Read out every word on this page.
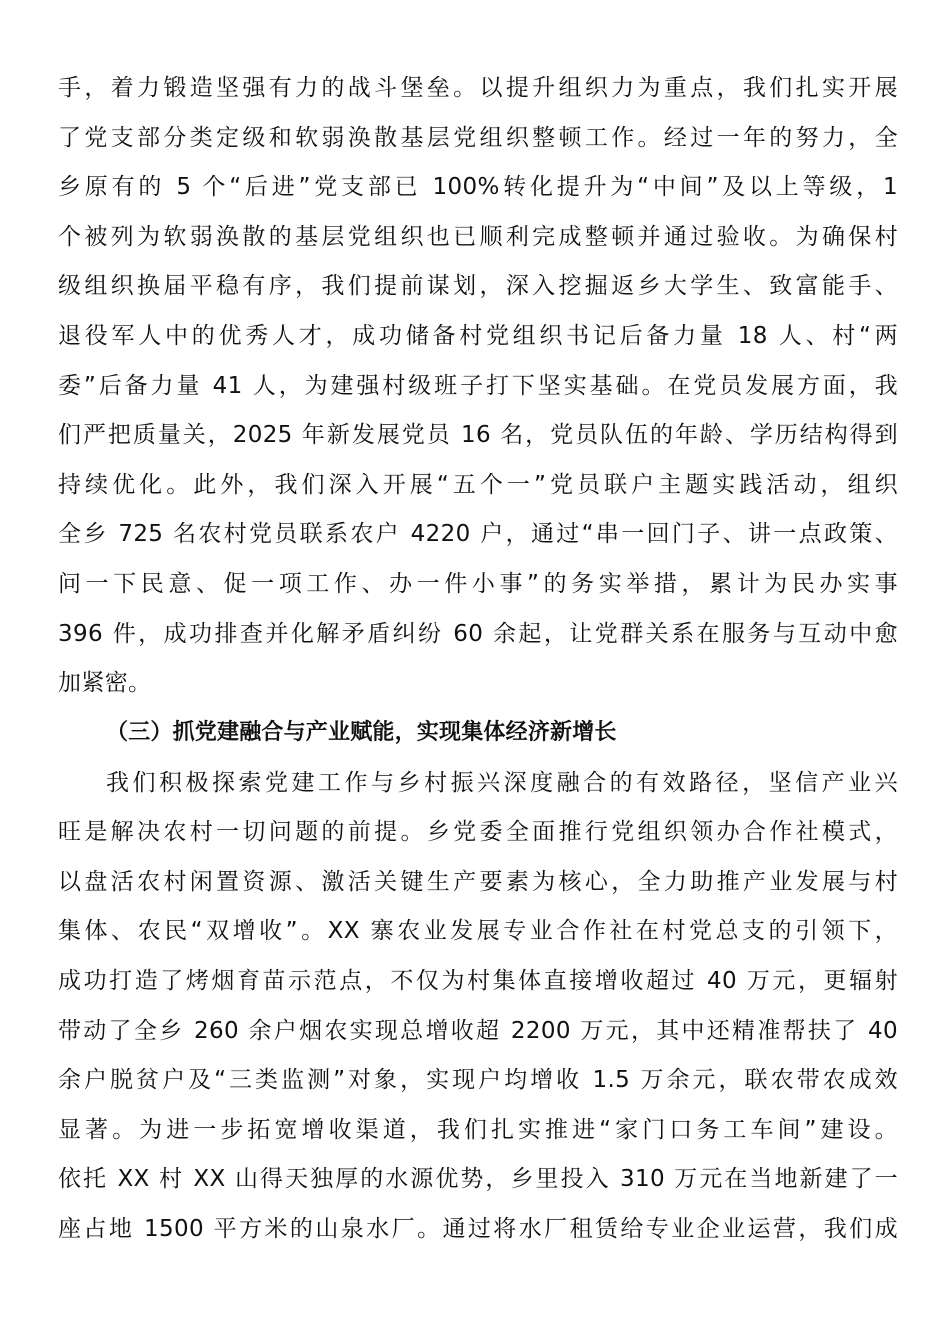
手，着力锻造坚强有力的战斗堡垒。以提升组织力为重点，我们扎实开展
了党支部分类定级和软弱涣散基层党组织整顿工作。经过一年的努力，全
乡原有的 5 个“后进”党支部已 100%转化提升为“中间”及以上等级，1
个被列为软弱涣散的基层党组织也已顺利完成整顿并通过验收。为确保村
级组织换届平稳有序，我们提前谋划，深入挖掘返乡大学生、致富能手、
退役军人中的优秀人才，成功储备村党组织书记后备力量 18 人、村“两
委”后备力量 41 人，为建强村级班子打下坚实基础。在党员发展方面，我
们严把质量关，2025 年新发展党员 16 名，党员队伍的年龄、学历结构得到
持续优化。此外，我们深入开展“五个一”党员联户主题实践活动，组织
全乡 725 名农村党员联系农户 4220 户，通过“串一回门子、讲一点政策、
问一下民意、促一项工作、办一件小事”的务实举措，累计为民办实事
396 件，成功排查并化解矛盾纠纷 60 余起，让党群关系在服务与互动中愈
加紧密。
（三）抓党建融合与产业赋能，实现集体经济新增长
我们积极探索党建工作与乡村振兴深度融合的有效路径，坚信产业兴
旺是解决农村一切问题的前提。乡党委全面推行党组织领办合作社模式，
以盘活农村闲置资源、激活关键生产要素为核心，全力助推产业发展与村
集体、农民“双增收”。XX 寨农业发展专业合作社在村党总支的引领下，
成功打造了烤烟育苗示范点，不仅为村集体直接增收超过 40 万元，更辐射
带动了全乡 260 余户烟农实现总增收超 2200 万元，其中还精准帮扶了 40
余户脱贫户及“三类监测”对象，实现户均增收 1.5 万余元，联农带农成效
显著。为进一步拓宽增收渠道，我们扎实推进“家门口务工车间”建设。
依托 XX 村 XX 山得天独厚的水源优势，乡里投入 310 万元在当地新建了一
座占地 1500 平方米的山泉水厂。通过将水厂租赁给专业企业运营，我们成
